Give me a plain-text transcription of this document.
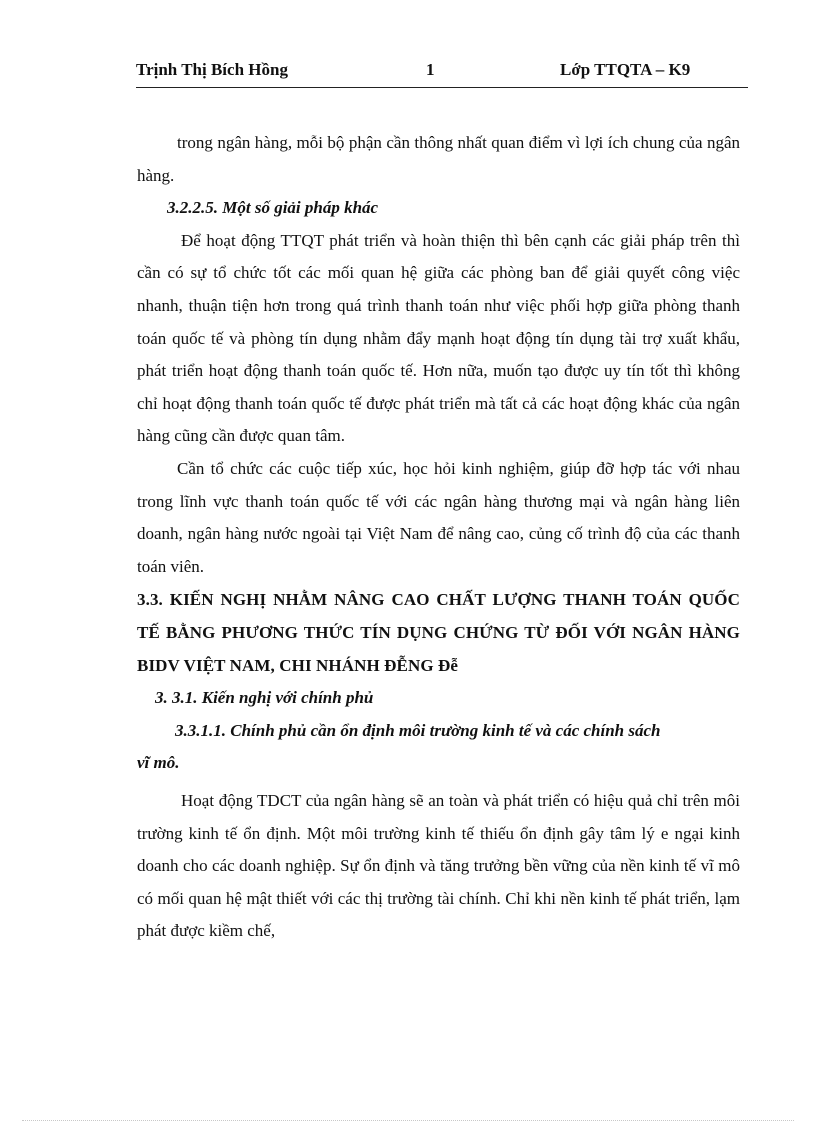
Trịnh Thị Bích Hồng	1	Lớp TTQTA – K9

trong ngân hàng, mỗi bộ phận cần thông nhất quan điểm vì lợi ích chung của ngân hàng.

3.2.2.5. Một số giải pháp khác

Để hoạt động TTQT phát triển và hoàn thiện thì bên cạnh các giải pháp trên thì cần có sự tổ chức tốt các mối quan hệ giữa các phòng ban để giải quyết công việc nhanh, thuận tiện hơn trong quá trình thanh toán như việc phối hợp giữa phòng thanh toán quốc tế và phòng tín dụng nhằm đẩy mạnh hoạt động tín dụng tài trợ xuất khẩu, phát triển hoạt động thanh toán quốc tế. Hơn nữa, muốn tạo được uy tín tốt thì không chỉ hoạt động thanh toán quốc tế được phát triển mà tất cả các hoạt động khác của ngân hàng cũng cần được quan tâm.

Cần tổ chức các cuộc tiếp xúc, học hỏi kinh nghiệm, giúp đỡ hợp tác với nhau trong lĩnh vực thanh toán quốc tế với các ngân hàng thương mại và ngân hàng liên doanh, ngân hàng nước ngoài tại Việt Nam để nâng cao, củng cố trình độ của các thanh toán viên.

3.3. KIẾN NGHỊ NHẰM NÂNG CAO CHẤT LƯỢNG THANH TOÁN QUỐC TẾ BẰNG PHƯƠNG THỨC TÍN DỤNG CHỨNG TỪ ĐỐI VỚI NGÂN HÀNG BIDV VIỆT NAM, CHI NHÁNH ĐỄNG Đễ

3. 3.1. Kiến nghị với chính phủ

3.3.1.1. Chính phủ cần ổn định môi trường kinh tế và các chính sách
vĩ mô.

Hoạt động TDCT của ngân hàng sẽ an toàn và phát triển có hiệu quả chỉ trên môi trường kinh tế ổn định. Một môi trường kinh tế thiếu ổn định gây tâm lý e ngại kinh doanh cho các doanh nghiệp. Sự ổn định và tăng trưởng bền vững của nền kinh tế vĩ mô có mối quan hệ mật thiết với các thị trường tài chính. Chỉ khi nền kinh tế phát triển, lạm phát được kiềm chế,
